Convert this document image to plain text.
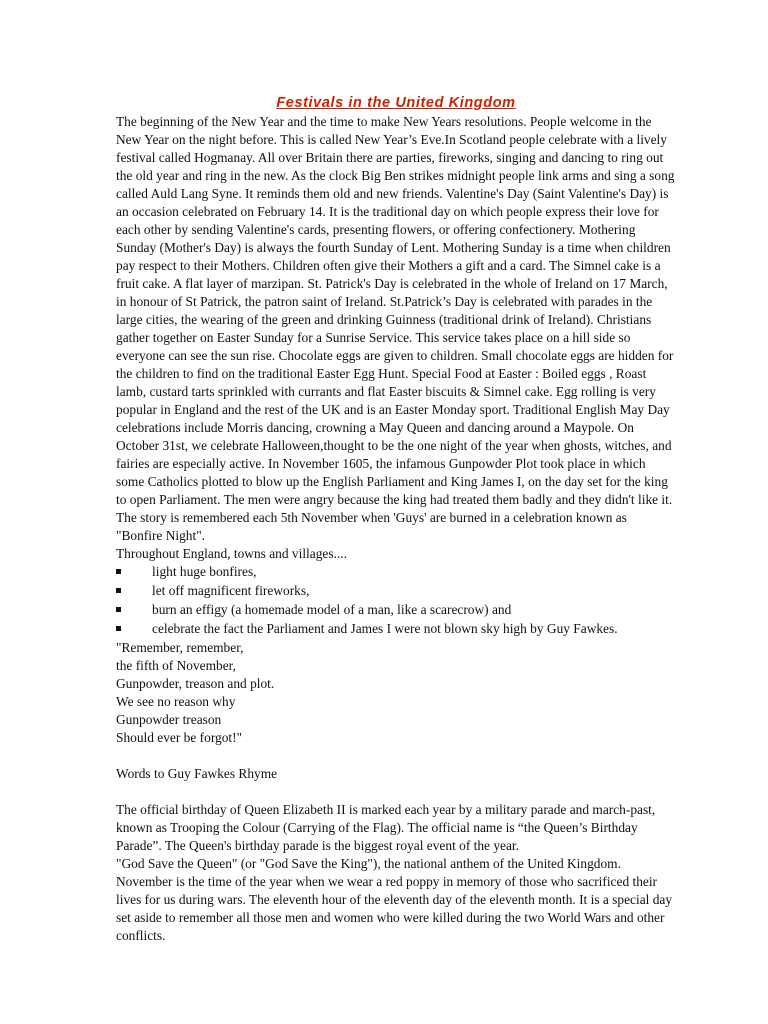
Festivals in the United Kingdom

The beginning of the New Year and the time to make New Years resolutions. People welcome in the New Year on the night before. This is called New Year’s Eve.In Scotland people celebrate with a lively festival called Hogmanay. All over Britain there are parties, fireworks, singing and dancing to ring out the old year and ring in the new. As the clock Big Ben strikes midnight people link arms and sing a song called Auld Lang Syne. It reminds them old and new friends. Valentine's Day (Saint Valentine's Day) is an occasion celebrated on February 14. It is the traditional day on which people express their love for each other by sending Valentine's cards, presenting flowers, or offering confectionery. Mothering Sunday (Mother's Day) is always the fourth Sunday of Lent. Mothering Sunday is a time when children pay respect to their Mothers. Children often give their Mothers a gift and a card. The Simnel cake is a fruit cake. A flat layer of marzipan. St. Patrick's Day is celebrated in the whole of Ireland on 17 March, in honour of St Patrick, the patron saint of Ireland. St.Patrick’s Day is celebrated with parades in the large cities, the wearing of the green and drinking Guinness (traditional drink of Ireland). Christians gather together on Easter Sunday for a Sunrise Service. This service takes place on a hill side so everyone can see the sun rise. Chocolate eggs are given to children. Small chocolate eggs are hidden for the children to find on the traditional Easter Egg Hunt. Special Food at Easter : Boiled eggs , Roast lamb, custard tarts sprinkled with currants and flat Easter biscuits & Simnel cake. Egg rolling is very popular in England and the rest of the UK and is an Easter Monday sport. Traditional English May Day celebrations include Morris dancing, crowning a May Queen and dancing around a Maypole. On October 31st, we celebrate Halloween,thought to be the one night of the year when ghosts, witches, and fairies are especially active. In November 1605, the infamous Gunpowder Plot took place in which some Catholics plotted to blow up the English Parliament and King James I, on the day set for the king to open Parliament. The men were angry because the king had treated them badly and they didn't like it. The story is remembered each 5th November when 'Guys' are burned in a celebration known as "Bonfire Night".

Throughout England, towns and villages....
light huge bonfires,
let off magnificent fireworks,
burn an effigy (a homemade model of a man, like a scarecrow) and
celebrate the fact the Parliament and James I were not blown sky high by Guy Fawkes.
"Remember, remember,
the fifth of November,
Gunpowder, treason and plot.
We see no reason why
Gunpowder treason
Should ever be forgot!"
Words to Guy Fawkes Rhyme

The official birthday of Queen Elizabeth II is marked each year by a military parade and march-past, known as Trooping the Colour (Carrying of the Flag). The official name is “the Queen’s Birthday Parade”. The Queen's birthday parade is the biggest royal event of the year.

"God Save the Queen" (or "God Save the King"), the national anthem of the United Kingdom. November is the time of the year when we wear a red poppy in memory of those who sacrificed their lives for us during wars. The eleventh hour of the eleventh day of the eleventh month. It is a special day set aside to remember all those men and women who were killed during the two World Wars and other conflicts.
